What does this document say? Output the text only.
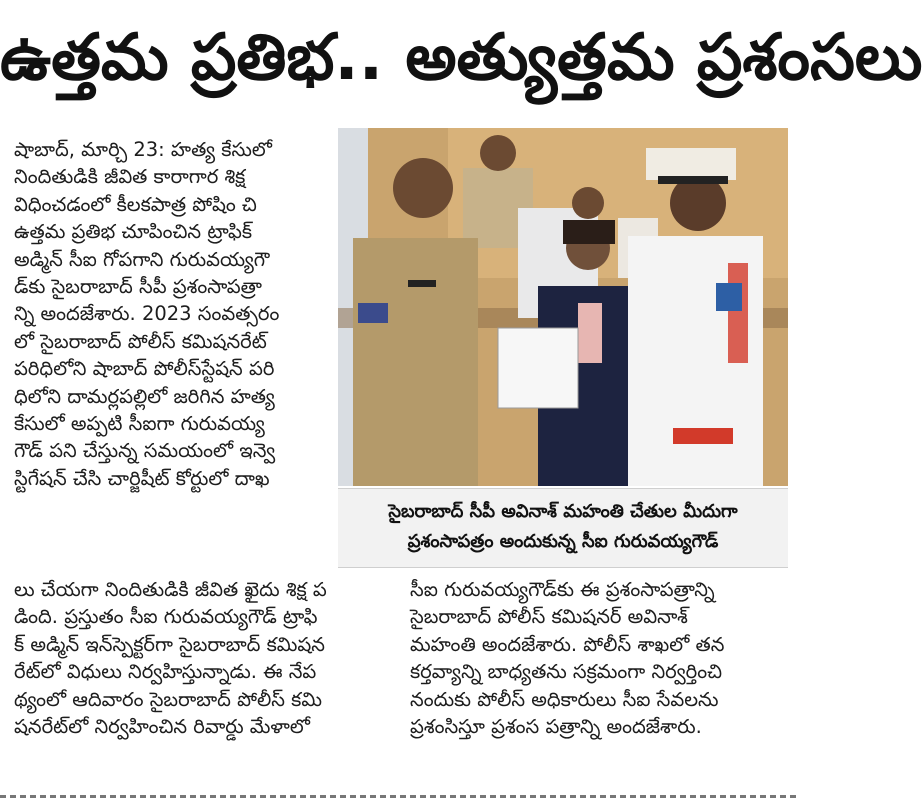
ఉత్తమ ప్రతిభ.. అత్యుత్తమ ప్రశంసలు
షాబాద్, మార్చి 23: హత్య కేసులో
నిందితుడికి జీవిత కారాగార శిక్ష
విధించడంలో కీలకపాత్ర పోషిం చి
ఉత్తమ ప్రతిభ చూపించిన ట్రాఫిక్
అడ్మిన్ సీఐ గోపగాని గురువయ్యగౌ
డ్‌కు సైబరాబాద్ సీపీ ప్రశంసాపత్రా
న్ని అందజేశారు. 2023 సంవత్సరం
లో సైబరాబాద్ పోలీస్ కమిషనరేట్
పరిధిలోని షాబాద్ పోలీస్‌స్టేషన్ పరి
ధిలోని దామర్లపల్లిలో జరిగిన హత్య
కేసులో అప్పటి సీఐగా గురువయ్య
గౌడ్ పని చేస్తున్న సమయంలో ఇన్వె
స్టిగేషన్ చేసి చార్జిషీట్ కోర్టులో దాఖ
సైబరాబాద్ సీపీ అవినాశ్ మహంతి చేతుల మీదుగా
ప్రశంసాపత్రం అందుకున్న సీఐ గురువయ్యగౌడ్
లు చేయగా నిందితుడికి జీవిత ఖైదు శిక్ష ప
డింది. ప్రస్తుతం సీఐ గురువయ్యగౌడ్ ట్రాఫి
క్ అడ్మిన్ ఇన్‌స్పెక్టర్‌గా సైబరాబాద్ కమిషన
రేట్‌లో విధులు నిర్వహిస్తున్నాడు. ఈ నేప
థ్యంలో ఆదివారం సైబరాబాద్ పోలీస్ కమి
షనరేట్‌లో నిర్వహించిన రివార్డు మేళాలో
సీఐ గురువయ్యగౌడ్‌కు ఈ ప్రశంసాపత్రాన్ని
సైబరాబాద్ పోలీస్ కమిషనర్ అవినాశ్
మహంతి అందజేశారు. పోలీస్ శాఖలో తన
కర్తవ్యాన్ని బాధ్యతను సక్రమంగా నిర్వర్తించి
నందుకు పోలీస్ అధికారులు సీఐ సేవలను
ప్రశంసిస్తూ ప్రశంస పత్రాన్ని అందజేశారు.
